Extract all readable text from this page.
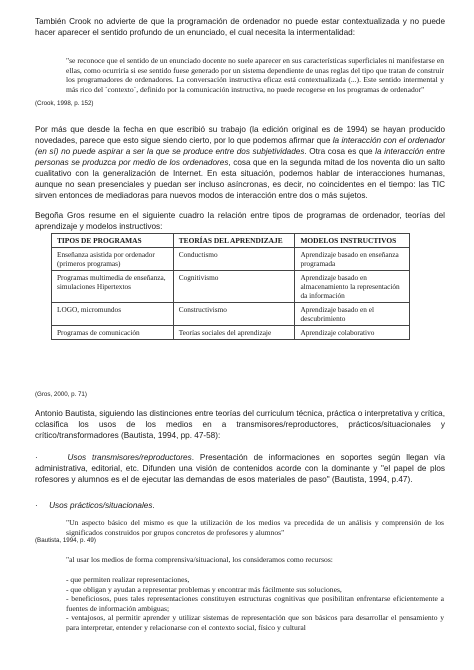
También Crook no advierte de que la programación de ordenador no puede estar contextualizada y no puede hacer aparecer el sentido profundo de un enunciado, el cual necesita la intermentalidad:
"se reconoce que el sentido de un enunciado docente no suele aparecer en sus características superficiales ni manifestarse en ellas, como ocurriría si ese sentido fuese generado por un sistema dependiente de unas reglas del tipo que tratan de construir los programadores de ordenadores. La conversación instructiva eficaz está contextualizada (...). Este sentido intermental y más rico del `contexto´, definido por la comunicación instructiva, no puede recogerse en los programas de ordenador"
(Crook, 1998, p. 152)
Por más que desde la fecha en que escribió su trabajo (la edición original es de 1994) se hayan producido novedades, parece que esto sigue siendo cierto, por lo que podemos afirmar que la interacción con el ordenador (en sí) no puede aspirar a ser la que se produce entre dos subjetividades. Otra cosa es que la interacción entre personas se produzca por medio de los ordenadores, cosa que en la segunda mitad de los noventa dio un salto cualitativo con la generalización de Internet. En esta situación, podemos hablar de interacciones humanas, aunque no sean presenciales y puedan ser incluso asíncronas, es decir, no coincidentes en el tiempo: las TIC sirven entonces de mediadoras para nuevos modos de interacción entre dos o más sujetos.
Begoña Gros resume en el siguiente cuadro la relación entre tipos de programas de ordenador, teorías del aprendizaje y modelos instructivos:
TIPOS DE PROGRAMAS	TEORÍAS DEL APRENDIZAJE	MODELOS INSTRUCTIVOS
Enseñanza asistida por ordenador (primeros programas)	Conductismo	Aprendizaje basado en enseñanza programada
Programas multimedia de enseñanza, simulaciones Hipertextos	Cognitivismo	Aprendizaje basado en almacenamiento la representación da información
LOGO, micromundos	Constructivismo	Aprendizaje basado en el descubrimiento
Programas de comunicación	Teorías sociales del aprendizaje	Aprendizaje colaborativo
(Gros, 2000, p. 71)
Antonio Bautista, siguiendo las distinciones entre teorías del curriculum técnica, práctica o interpretativa y crítica, cclasifica los usos de los medios en a transmisores/reproductores, prácticos/situacionales y crítico/transformadores (Bautista, 1994, pp. 47-58):
·	Usos transmisores/reproductores. Presentación de informaciones en soportes según llegan vía administrativa, editorial, etc. Difunden una visión de contenidos acorde con la dominante y "el papel de plos rofesores y alumnos es el de ejecutar las demandas de esos materiales de paso" (Bautista, 1994, p.47).
· Usos prácticos/situacionales.
"Un aspecto básico del mismo es que la utilización de los medios va precedida de un análisis y comprensión de los significados construidos por grupos concretos de profesores y alumnos"
(Bautista, 1994, p. 49)
"al usar los medios de forma comprensiva/situacional, los consideramos como recursos:
- que permiten realizar representaciones,
- que obligan y ayudan a representar problemas y encontrar más fácilmente sus soluciones,
- beneficiosos, pues tales representaciones constituyen estructuras cognitivas que posibilitan enfrentarse eficientemente a fuentes de información ambiguas;
- ventajosos, al permitir aprender y utilizar sistemas de representación que son básicos para desarrollar el pensamiento y para interpretar, entender y relacionarse con el contexto social, físico y cultural
